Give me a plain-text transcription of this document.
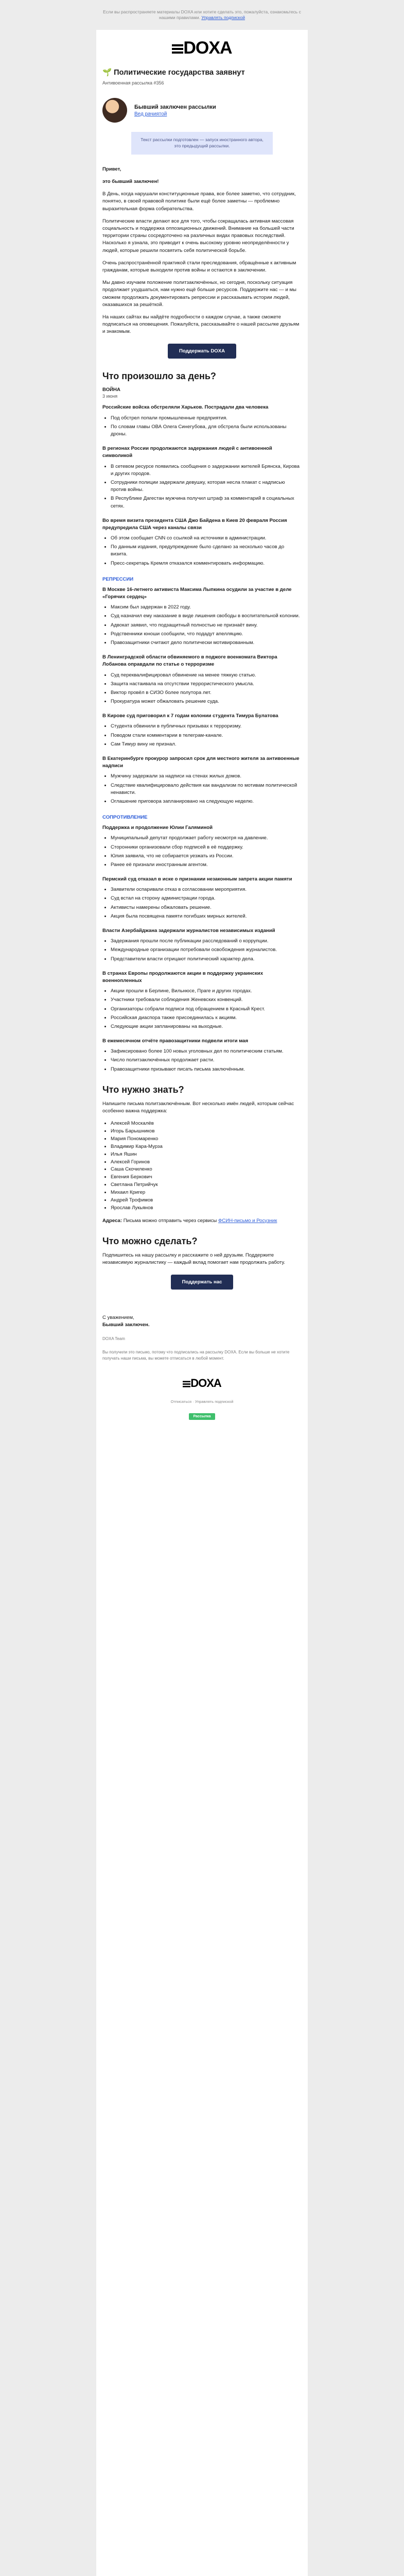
Если вы распространяете материалы DOXA или хотите сделать это, пожалуйста, ознакомьтесь с нашими правилами. Управлять подпиской

DOXA
🌱 Политические государства заявнут
Антивоенная рассылка #356
Бывший заключен рассылки
Вед рачиятой
Текст рассылки подготовлен — запуск иностранного автора, это предыдущий рассылки.

Привет,

это бывший заключен!

В День, когда нарушали конституционные права, все более заметно, что сотрудник, понятно, в своей правовой политике были ещё более заметны — проблемно выразительная форма собирательства.

Политические власти делают все для того, чтобы сокращалась активная массовая социальность и поддержка оппозиционных движений. Внимание на большей части территории страны сосредоточено на различных видах правовых последствий. Насколько я узнала, это приводит к очень высокому уровню неопределённости у людей, которые решили посвятить себя политической борьбе.

Очень распространённой практикой стали преследования, обращённые к активным гражданам, которые выходили против войны и остаются в заключении.

Мы давно изучаем положение политзаключённых, но сегодня, поскольку ситуация продолжает ухудшаться, нам нужно ещё больше ресурсов. Поддержите нас — и мы сможем продолжать документировать репрессии и рассказывать истории людей, оказавшихся за решёткой.

На наших сайтах вы найдёте подробности о каждом случае, а также сможете подписаться на оповещения. Пожалуйста, рассказывайте о нашей рассылке друзьям и знакомым.

Поддержать DOXA
Что произошло за день?
ВОЙНА
3 июня
Российские войска обстреляли Харьков. Пострадали два человека
• Под обстрел попали промышленные предприятия.
• По словам главы ОВА Олега Синегубова, для обстрела были использованы дроны.
В регионах России продолжаются задержания людей с антивоенной символикой
• В сетевом ресурсе появились сообщения о задержании жителей Брянска, Кирова и других городов.
• Сотрудники полиции задержали девушку, которая несла плакат с надписью против войны.
• В Республике Дагестан мужчина получил штраф за комментарий в социальных сетях.
Во время визита президента США Джо Байдена в Киев 20 февраля Россия предупредила США через каналы связи
• Об этом сообщает CNN со ссылкой на источники в администрации.
• По данным издания, предупреждение было сделано за несколько часов до визита.
• Пресс-секретарь Кремля отказался комментировать информацию.
РЕПРЕССИИ
В Москве 16-летнего активиста Максима Лыпкина осудили за участие в деле «Горячих сердец»
• Максим был задержан в 2022 году.
• Суд назначил ему наказание в виде лишения свободы в воспитательной колонии.
• Адвокат заявил, что подзащитный полностью не признаёт вину.
• Родственники юноши сообщили, что подадут апелляцию.
• Правозащитники считают дело политически мотивированным.
В Ленинградской области обвиняемого в поджоге военкомата Виктора Лобанова оправдали по статье о терроризме
• Суд переквалифицировал обвинение на менее тяжкую статью.
• Защита настаивала на отсутствии террористического умысла.
• Виктор провёл в СИЗО более полутора лет.
• Прокуратура может обжаловать решение суда.
В Кирове суд приговорил к 7 годам колонии студента Тимура Булатова
• Студента обвинили в публичных призывах к терроризму.
• Поводом стали комментарии в телеграм-канале.
• Сам Тимур вину не признал.
В Екатеринбурге прокурор запросил срок для местного жителя за антивоенные надписи
• Мужчину задержали за надписи на стенах жилых домов.
• Следствие квалифицировало действия как вандализм по мотивам политической ненависти.
• Оглашение приговора запланировано на следующую неделю.
СОПРОТИВЛЕНИЕ
Поддержка и продолжение Юлии Галяминой
• Муниципальный депутат продолжает работу несмотря на давление.
• Сторонники организовали сбор подписей в её поддержку.
• Юлия заявила, что не собирается уезжать из России.
• Ранее её признали иностранным агентом.
Пермский суд отказал в иске о признании незаконным запрета акции памяти
• Заявители оспаривали отказ в согласовании мероприятия.
• Суд встал на сторону администрации города.
• Активисты намерены обжаловать решение.
• Акция была посвящена памяти погибших мирных жителей.
Власти Азербайджана задержали журналистов независимых изданий
• Задержания прошли после публикации расследований о коррупции.
• Международные организации потребовали освобождения журналистов.
• Представители власти отрицают политический характер дела.
В странах Европы продолжаются акции в поддержку украинских военнопленных
• Акции прошли в Берлине, Вильнюсе, Праге и других городах.
• Участники требовали соблюдения Женевских конвенций.
• Организаторы собрали подписи под обращением в Красный Крест.
• Российская диаспора также присоединилась к акциям.
• Следующие акции запланированы на выходные.
В ежемесячном отчёте правозащитники подвели итоги мая
• Зафиксировано более 100 новых уголовных дел по политическим статьям.
• Число политзаключённых продолжает расти.
• Правозащитники призывают писать письма заключённым.
Что нужно знать?

Напишите письма политзаключённым. Вот несколько имён людей, которым сейчас особенно важна поддержка:

• Алексей Москалёв
• Игорь Барышников
• Мария Пономаренко
• Владимир Кара-Мурза
• Илья Яшин
• Алексей Горинов
• Саша Скочиленко
• Евгения Беркович
• Светлана Петрийчук
• Михаил Кригер
• Андрей Трофимов
• Ярослав Лукьянов

Адреса: Письма можно отправить через сервисы ФСИН-письмо и Росузник

Что можно сделать?

Подпишитесь на нашу рассылку и расскажите о ней друзьям. Поддержите независимую журналистику — каждый вклад помогает нам продолжать работу.

Поддержать нас
С уважением,
Бывший заключен.
DOXA Team
Вы получили это письмо, потому что подписались на рассылку DOXA. Если вы больше не хотите получать наши письма, вы можете отписаться в любой момент.
DOXA
Отписаться · Управлять подпиской
Рассылка
